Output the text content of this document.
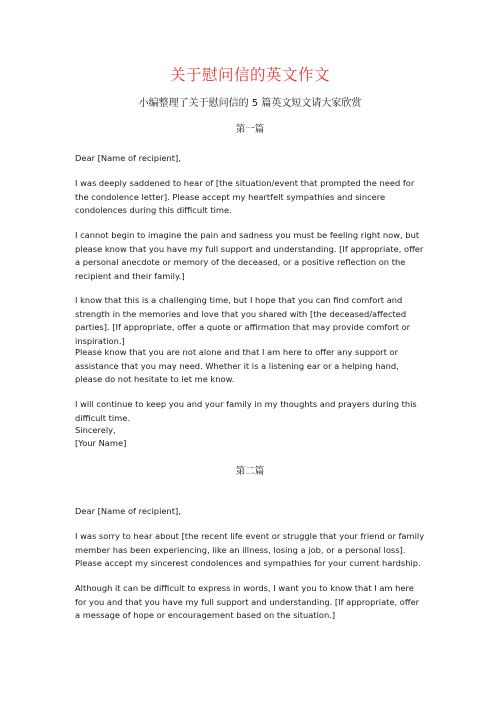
关于慰问信的英文作文
小编整理了关于慰问信的 5 篇英文短文请大家欣赏
第一篇

Dear [Name of recipient],

I was deeply saddened to hear of [the situation/event that prompted the need for the condolence letter]. Please accept my heartfelt sympathies and sincere condolences during this difficult time.

I cannot begin to imagine the pain and sadness you must be feeling right now, but please know that you have my full support and understanding. [If appropriate, offer a personal anecdote or memory of the deceased, or a positive reflection on the recipient and their family.]

I know that this is a challenging time, but I hope that you can find comfort and strength in the memories and love that you shared with [the deceased/affected parties]. [If appropriate, offer a quote or affirmation that may provide comfort or inspiration.]

Please know that you are not alone and that I am here to offer any support or assistance that you may need. Whether it is a listening ear or a helping hand, please do not hesitate to let me know.

I will continue to keep you and your family in my thoughts and prayers during this difficult time.

Sincerely,

[Your Name]

第二篇

Dear [Name of recipient],

I was sorry to hear about [the recent life event or struggle that your friend or family member has been experiencing, like an illness, losing a job, or a personal loss]. Please accept my sincerest condolences and sympathies for your current hardship.

Although it can be difficult to express in words, I want you to know that I am here for you and that you have my full support and understanding. [If appropriate, offer a message of hope or encouragement based on the situation.]
